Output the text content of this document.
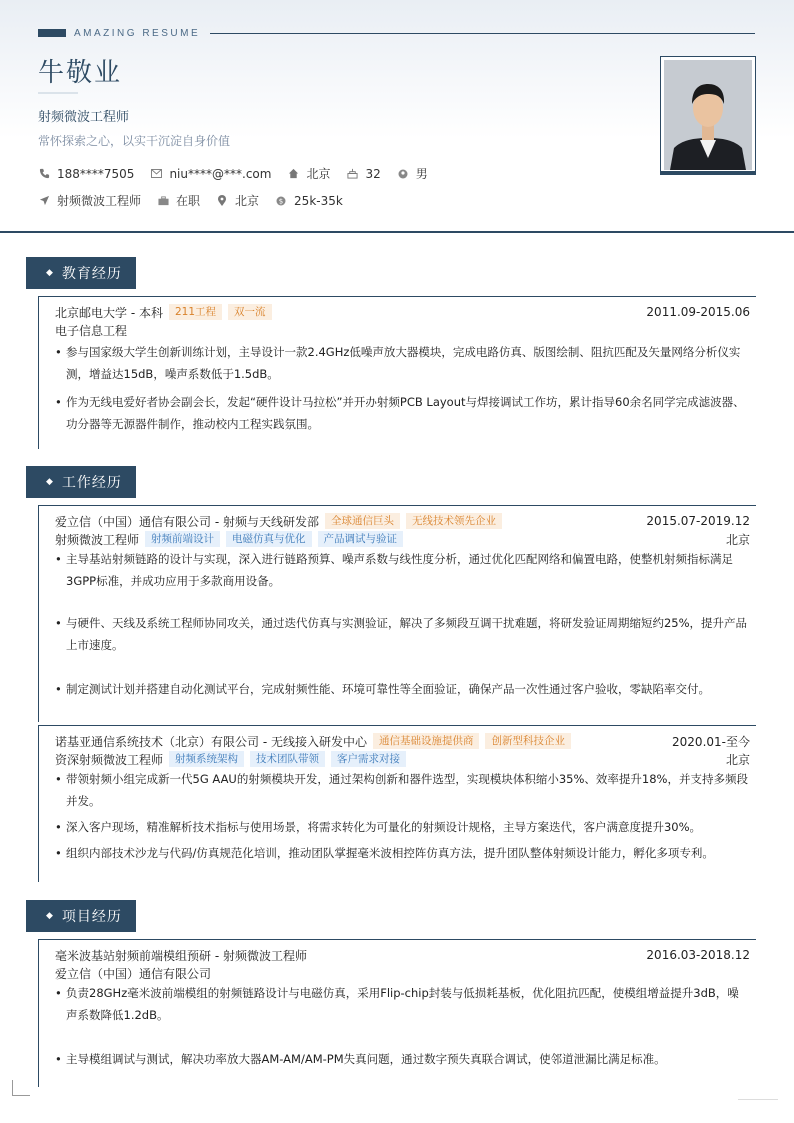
AMAZING RESUME
牛敬业
射频微波工程师
常怀探索之心，以实干沉淀自身价值
188****7505	niu****@***.com	北京	32	男
射频微波工程师	在职	北京	$ 25k-35k
◆ 教育经历
北京邮电大学 - 本科	211工程	双一流	2011.09-2015.06
电子信息工程
• 参与国家级大学生创新训练计划，主导设计一款2.4GHz低噪声放大器模块，完成电路仿真、版图绘制、阻抗匹配及矢量网络分析仪实测，增益达15dB，噪声系数低于1.5dB。
• 作为无线电爱好者协会副会长，发起“硬件设计马拉松”并开办射频PCB Layout与焊接调试工作坊，累计指导60余名同学完成滤波器、功分器等无源器件制作，推动校内工程实践氛围。
◆ 工作经历
爱立信（中国）通信有限公司 - 射频与天线研发部	全球通信巨头	无线技术领先企业	2015.07-2019.12
射频微波工程师	射频前端设计	电磁仿真与优化	产品调试与验证	北京
• 主导基站射频链路的设计与实现，深入进行链路预算、噪声系数与线性度分析，通过优化匹配网络和偏置电路，使整机射频指标满足3GPP标准，并成功应用于多款商用设备。
• 与硬件、天线及系统工程师协同攻关，通过迭代仿真与实测验证，解决了多频段互调干扰难题，将研发验证周期缩短约25%，提升产品上市速度。
• 制定测试计划并搭建自动化测试平台，完成射频性能、环境可靠性等全面验证，确保产品一次性通过客户验收，零缺陷率交付。
诺基亚通信系统技术（北京）有限公司 - 无线接入研发中心	通信基础设施提供商	创新型科技企业	2020.01-至今
资深射频微波工程师	射频系统架构	技术团队带领	客户需求对接	北京
• 带领射频小组完成新一代5G AAU的射频模块开发，通过架构创新和器件选型，实现模块体积缩小35%、效率提升18%，并支持多频段并发。
• 深入客户现场，精准解析技术指标与使用场景，将需求转化为可量化的射频设计规格，主导方案迭代，客户满意度提升30%。
• 组织内部技术沙龙与代码/仿真规范化培训，推动团队掌握毫米波相控阵仿真方法，提升团队整体射频设计能力，孵化多项专利。
◆ 项目经历
毫米波基站射频前端模组预研 - 射频微波工程师	2016.03-2018.12
爱立信（中国）通信有限公司
• 负责28GHz毫米波前端模组的射频链路设计与电磁仿真，采用Flip-chip封装与低损耗基板，优化阻抗匹配，使模组增益提升3dB，噪声系数降低1.2dB。
• 主导模组调试与测试，解决功率放大器AM-AM/AM-PM失真问题，通过数字预失真联合调试，使邻道泄漏比满足标准。
